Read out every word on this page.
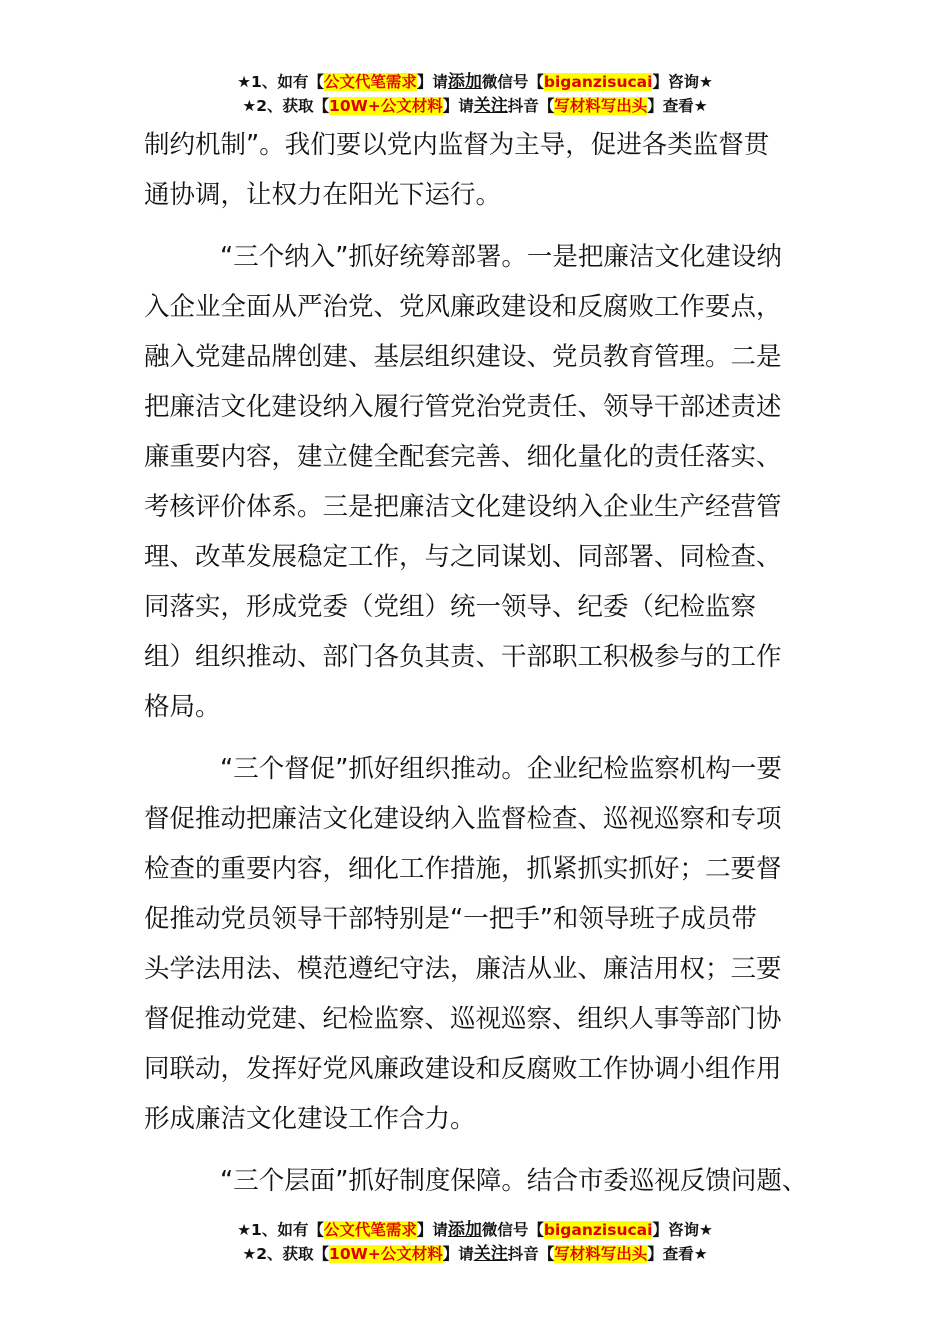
★1、如有【公文代笔需求】请添加微信号【biganzisucai】咨询★
★2、获取【10W+公文材料】请关注抖音【写材料写出头】查看★
制约机制”。我们要以党内监督为主导，促进各类监督贯
通协调，让权力在阳光下运行。
“三个纳入”抓好统筹部署。一是把廉洁文化建设纳
入企业全面从严治党、党风廉政建设和反腐败工作要点，
融入党建品牌创建、基层组织建设、党员教育管理。二是
把廉洁文化建设纳入履行管党治党责任、领导干部述责述
廉重要内容，建立健全配套完善、细化量化的责任落实、
考核评价体系。三是把廉洁文化建设纳入企业生产经营管
理、改革发展稳定工作，与之同谋划、同部署、同检查、
同落实，形成党委（党组）统一领导、纪委（纪检监察
组）组织推动、部门各负其责、干部职工积极参与的工作
格局。
“三个督促”抓好组织推动。企业纪检监察机构一要
督促推动把廉洁文化建设纳入监督检查、巡视巡察和专项
检查的重要内容，细化工作措施，抓紧抓实抓好；二要督
促推动党员领导干部特别是“一把手”和领导班子成员带
头学法用法、模范遵纪守法，廉洁从业、廉洁用权；三要
督促推动党建、纪检监察、巡视巡察、组织人事等部门协
同联动，发挥好党风廉政建设和反腐败工作协调小组作用
形成廉洁文化建设工作合力。
“三个层面”抓好制度保障。结合市委巡视反馈问题、
★1、如有【公文代笔需求】请添加微信号【biganzisucai】咨询★
★2、获取【10W+公文材料】请关注抖音【写材料写出头】查看★
